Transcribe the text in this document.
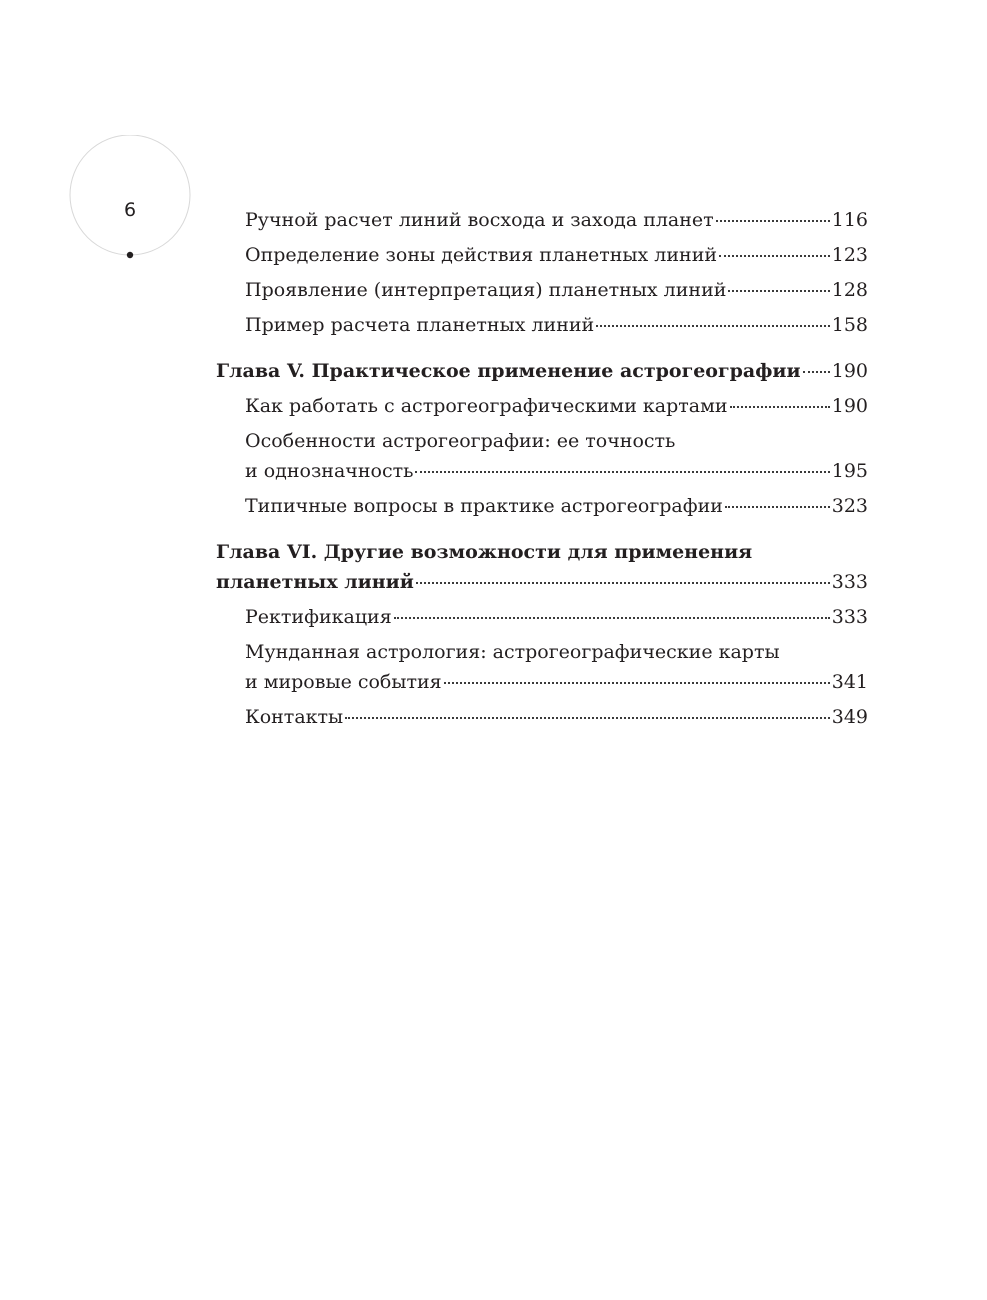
6	Ручной расчет линий восхода и захода планет	116
Определение зоны действия планетных линий	123
Проявление (интерпретация) планетных линий	128
Пример расчета планетных линий	158
Глава V. Практическое применение астрогеографии 190
Как работать с астрогеографическими картами	190
Особенности астрогеографии: ее точность
и однозначность	195
Типичные вопросы в практике астрогеографии	323
Глава VI. Другие возможности для применения
планетных линий	333
Ректификация	333
Мунданная астрология: астрогеографические карты
и мировые события	341
Контакты	349
